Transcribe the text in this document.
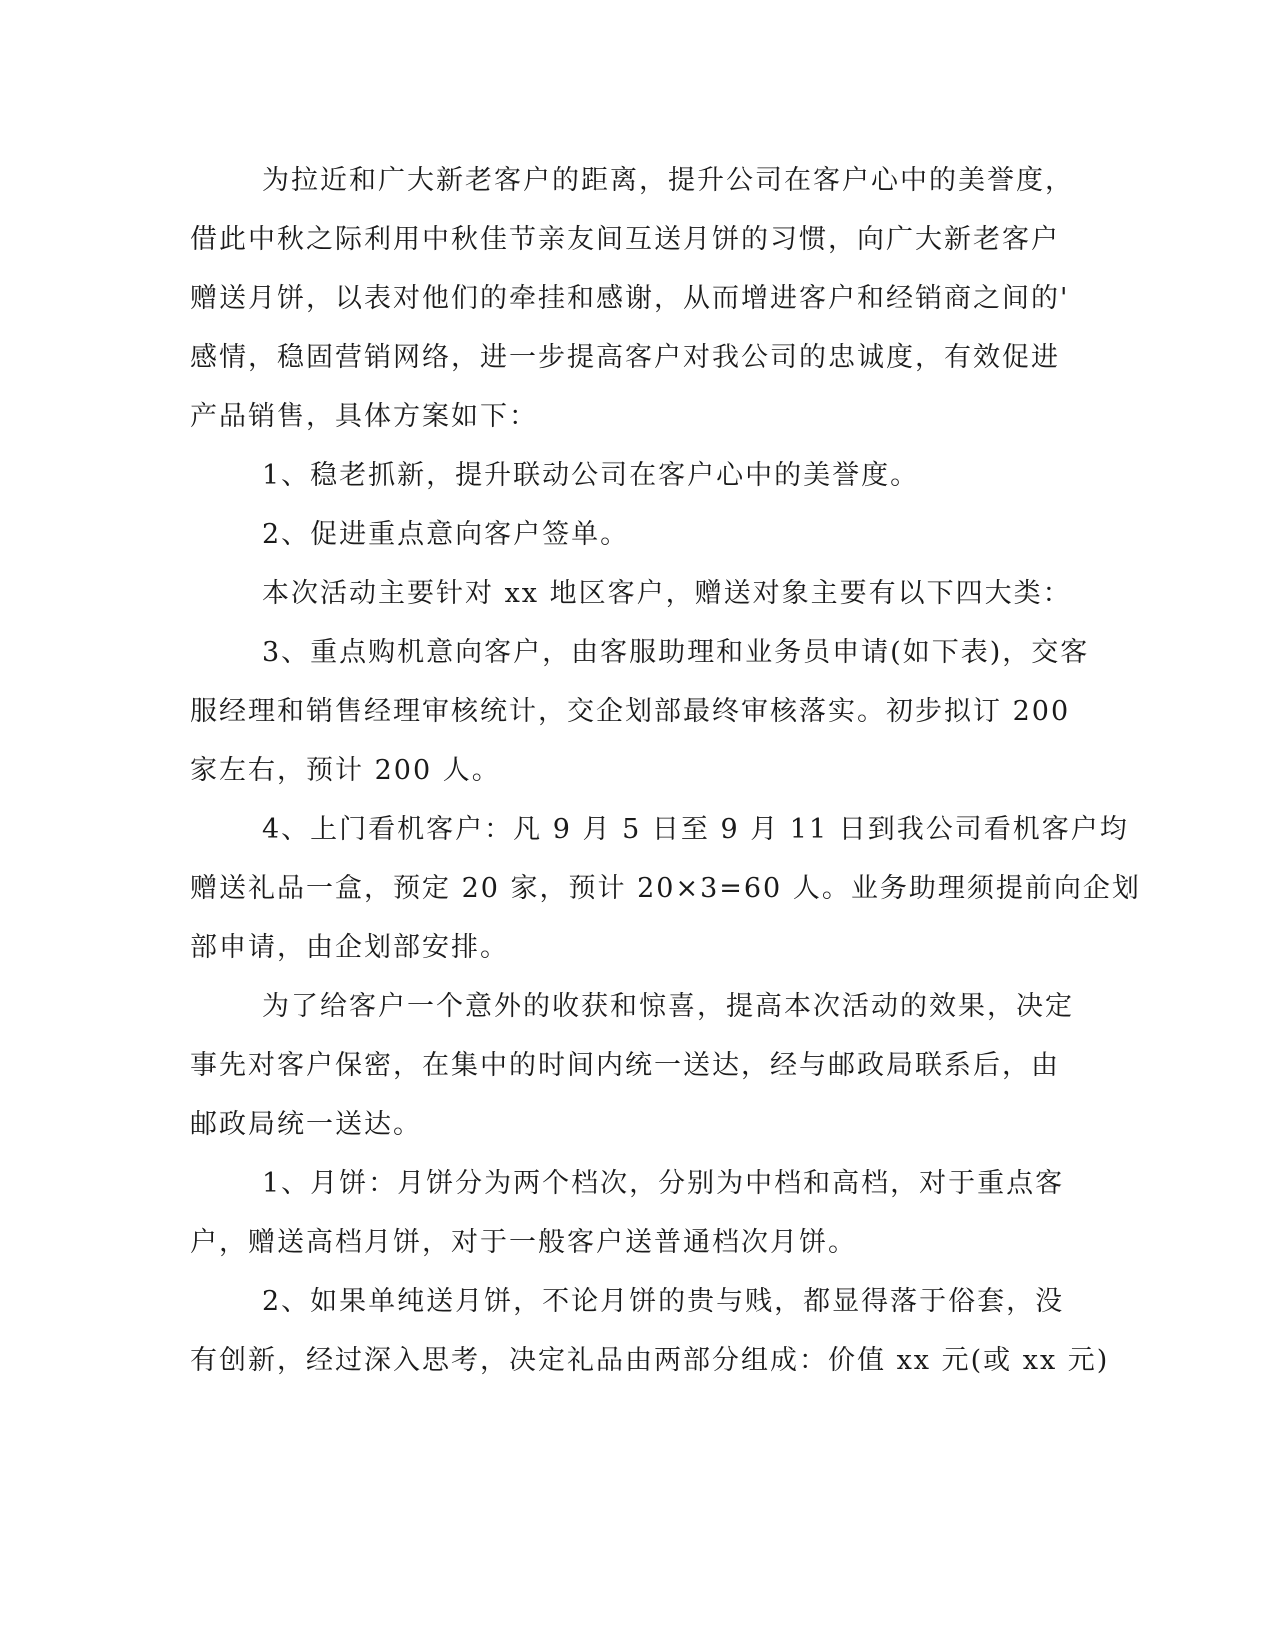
为拉近和广大新老客户的距离，提升公司在客户心中的美誉度，
借此中秋之际利用中秋佳节亲友间互送月饼的习惯，向广大新老客户
赠送月饼，以表对他们的牵挂和感谢，从而增进客户和经销商之间的'
感情，稳固营销网络，进一步提高客户对我公司的忠诚度，有效促进
产品销售，具体方案如下：
1、稳老抓新，提升联动公司在客户心中的美誉度。
2、促进重点意向客户签单。
本次活动主要针对 xx 地区客户，赠送对象主要有以下四大类：
3、重点购机意向客户，由客服助理和业务员申请(如下表)，交客
服经理和销售经理审核统计，交企划部最终审核落实。初步拟订 200
家左右，预计 200 人。
4、上门看机客户：凡 9 月 5 日至 9 月 11 日到我公司看机客户均
赠送礼品一盒，预定 20 家，预计 20×3=60 人。业务助理须提前向企划
部申请，由企划部安排。
为了给客户一个意外的收获和惊喜，提高本次活动的效果，决定
事先对客户保密，在集中的时间内统一送达，经与邮政局联系后，由
邮政局统一送达。
1、月饼：月饼分为两个档次，分别为中档和高档，对于重点客
户，赠送高档月饼，对于一般客户送普通档次月饼。
2、如果单纯送月饼，不论月饼的贵与贱，都显得落于俗套，没
有创新，经过深入思考，决定礼品由两部分组成：价值 xx 元(或 xx 元)
